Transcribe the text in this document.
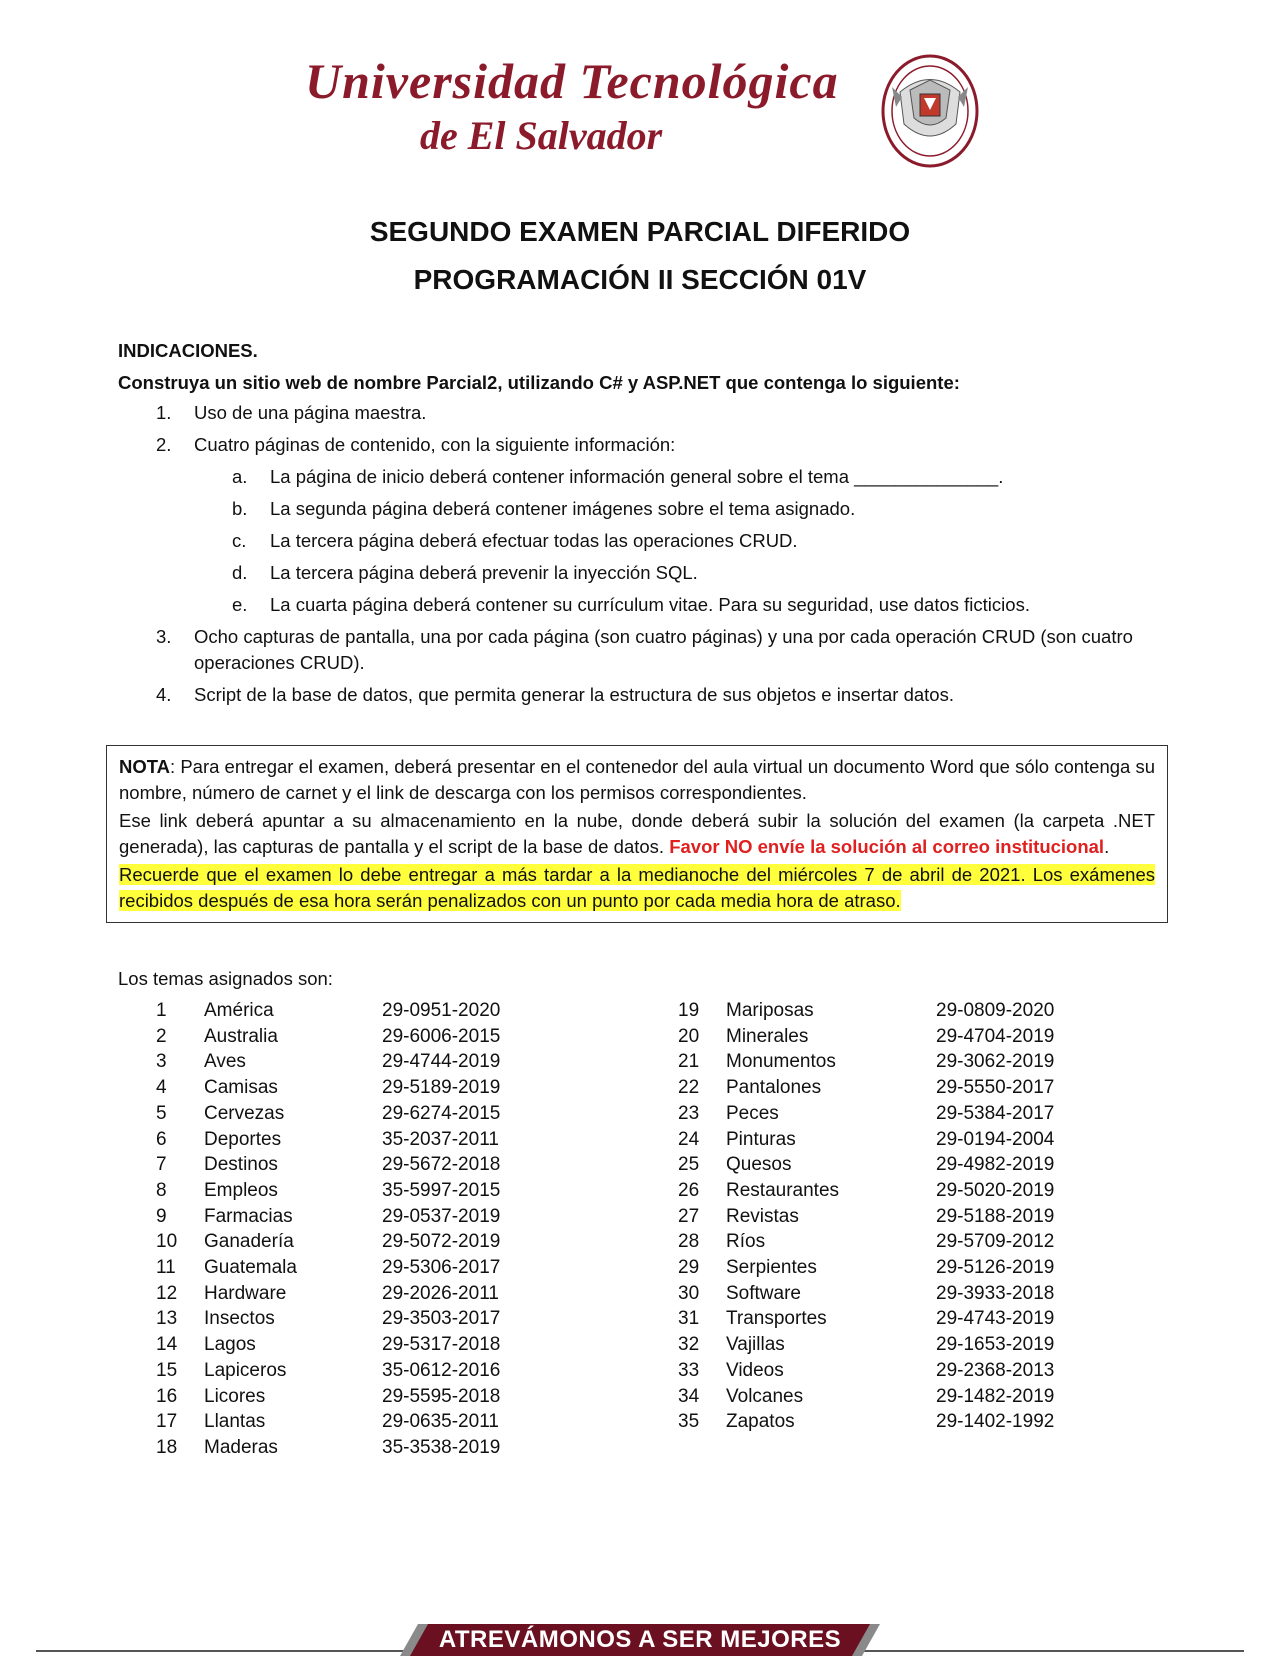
Universidad Tecnológica
de El Salvador
SEGUNDO EXAMEN PARCIAL DIFERIDO
PROGRAMACIÓN II SECCIÓN 01V
INDICACIONES.
Construya un sitio web de nombre Parcial2, utilizando C# y ASP.NET que contenga lo siguiente:
1.	Uso de una página maestra.
2.	Cuatro páginas de contenido, con la siguiente información:
a.	La página de inicio deberá contener información general sobre el tema ______________.
b.	La segunda página deberá contener imágenes sobre el tema asignado.
c.	La tercera página deberá efectuar todas las operaciones CRUD.
d.	La tercera página deberá prevenir la inyección SQL.
e.	La cuarta página deberá contener su currículum vitae. Para su seguridad, use datos ficticios.
3.	Ocho capturas de pantalla, una por cada página (son cuatro páginas) y una por cada operación CRUD (son cuatro
operaciones CRUD).
4.	Script de la base de datos, que permita generar la estructura de sus objetos e insertar datos.
NOTA: Para entregar el examen, deberá presentar en el contenedor del aula virtual un documento Word que sólo contenga su nombre, número de carnet y el link de descarga con los permisos correspondientes.
Ese link deberá apuntar a su almacenamiento en la nube, donde deberá subir la solución del examen (la carpeta .NET generada), las capturas de pantalla y el script de la base de datos. Favor NO envíe la solución al correo institucional.
Recuerde que el examen lo debe entregar a más tardar a la medianoche del miércoles 7 de abril de 2021. Los exámenes recibidos después de esa hora serán penalizados con un punto por cada media hora de atraso.
Los temas asignados son:
1 América	29-0951-2020
2 Australia	29-6006-2015
3 Aves	29-4744-2019
4 Camisas	29-5189-2019
5 Cervezas	29-6274-2015
6 Deportes	35-2037-2011
7 Destinos	29-5672-2018
8 Empleos	35-5997-2015
9 Farmacias	29-0537-2019
10 Ganadería	29-5072-2019
11 Guatemala	29-5306-2017
12 Hardware	29-2026-2011
13 Insectos	29-3503-2017
14 Lagos	29-5317-2018
15 Lapiceros	35-0612-2016
16 Licores	29-5595-2018
17 Llantas	29-0635-2011
18 Maderas	35-3538-2019
19 Mariposas	29-0809-2020
20 Minerales	29-4704-2019
21 Monumentos	29-3062-2019
22 Pantalones	29-5550-2017
23 Peces	29-5384-2017
24 Pinturas	29-0194-2004
25 Quesos	29-4982-2019
26 Restaurantes	29-5020-2019
27 Revistas	29-5188-2019
28 Ríos	29-5709-2012
29 Serpientes	29-5126-2019
30 Software	29-3933-2018
31 Transportes	29-4743-2019
32 Vajillas	29-1653-2019
33 Videos	29-2368-2013
34 Volcanes	29-1482-2019
35 Zapatos	29-1402-1992
ATREVÁMONOS A SER MEJORES
